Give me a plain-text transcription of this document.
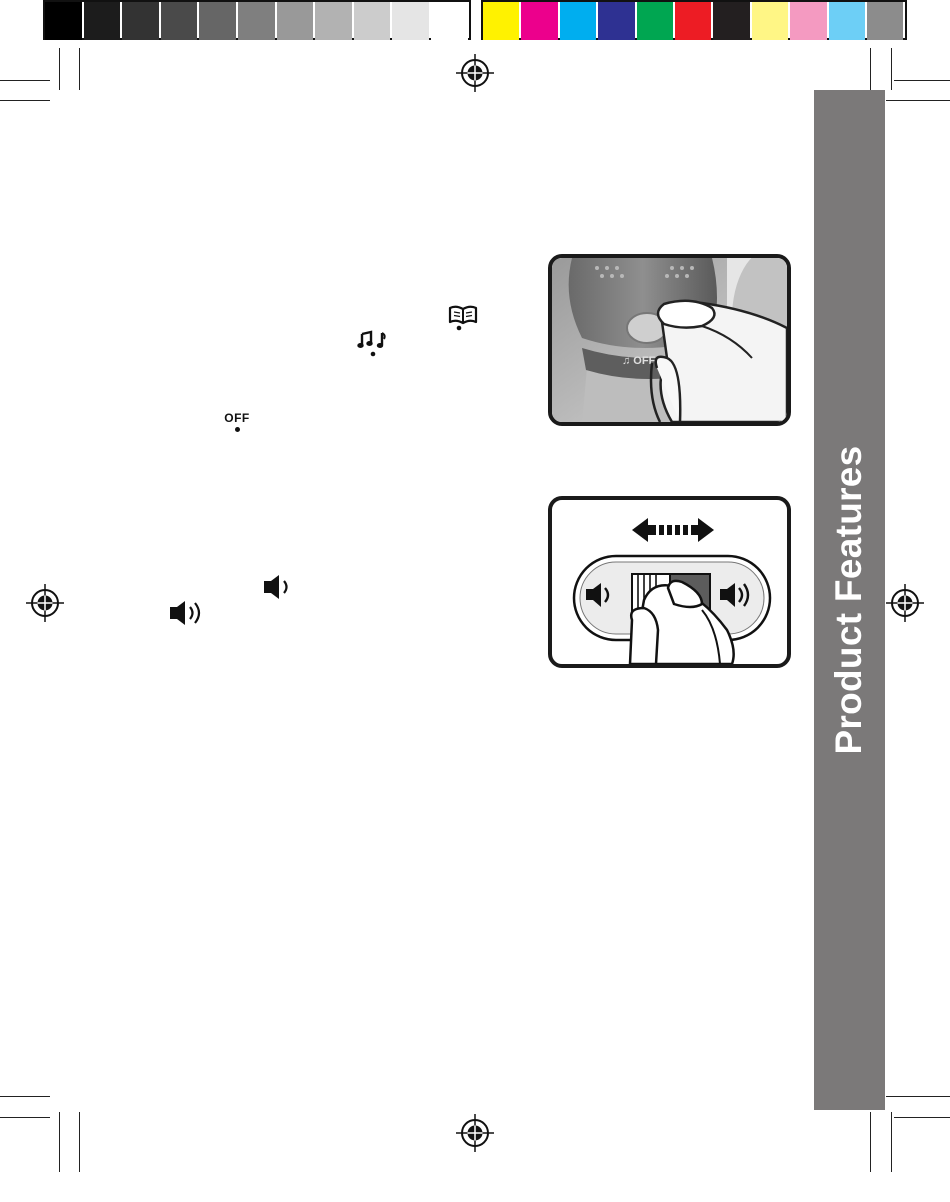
Product Features
OFF
♫ OFF
